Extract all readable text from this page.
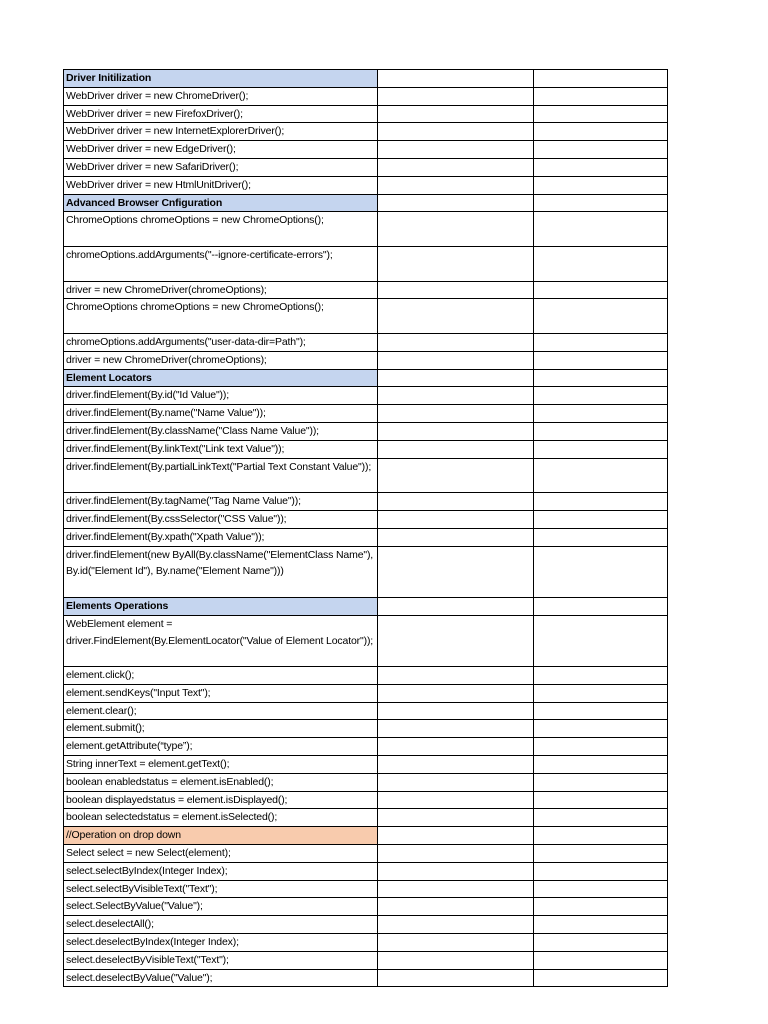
Driver Initilization		
WebDriver driver = new ChromeDriver();		
WebDriver driver = new FirefoxDriver();		
WebDriver driver = new InternetExplorerDriver();		
WebDriver driver = new EdgeDriver();		
WebDriver driver = new SafariDriver();		
WebDriver driver = new HtmlUnitDriver();		
Advanced Browser Cnfiguration		
ChromeOptions chromeOptions = new ChromeOptions();		
chromeOptions.addArguments("--ignore-certificate-errors");		
driver = new ChromeDriver(chromeOptions);		
ChromeOptions chromeOptions = new ChromeOptions();		
chromeOptions.addArguments("user-data-dir=Path");		
driver = new ChromeDriver(chromeOptions);		
Element Locators		
driver.findElement(By.id("Id Value"));		
driver.findElement(By.name("Name Value"));		
driver.findElement(By.className("Class Name Value"));		
driver.findElement(By.linkText("Link text Value"));		
driver.findElement(By.partialLinkText("Partial Text Constant Value"));		
driver.findElement(By.tagName("Tag Name Value"));		
driver.findElement(By.cssSelector("CSS Value"));		
driver.findElement(By.xpath("Xpath Value"));		
driver.findElement(new ByAll(By.className("ElementClass Name"), By.id("Element Id"), By.name("Element Name")))		
Elements Operations		
WebElement element = driver.FindElement(By.ElementLocator("Value of Element Locator"));		
element.click();		
element.sendKeys("Input Text");		
element.clear();		
element.submit();		
element.getAttribute(“type”);		
String innerText = element.getText();		
boolean enabledstatus = element.isEnabled();		
boolean displayedstatus = element.isDisplayed();		
boolean selectedstatus = element.isSelected();		
//Operation on drop down		
Select select = new Select(element);		
select.selectByIndex(Integer Index);		
select.selectByVisibleText("Text");		
select.SelectByValue("Value");		
select.deselectAll();		
select.deselectByIndex(Integer Index);		
select.deselectByVisibleText("Text");		
select.deselectByValue("Value");		
